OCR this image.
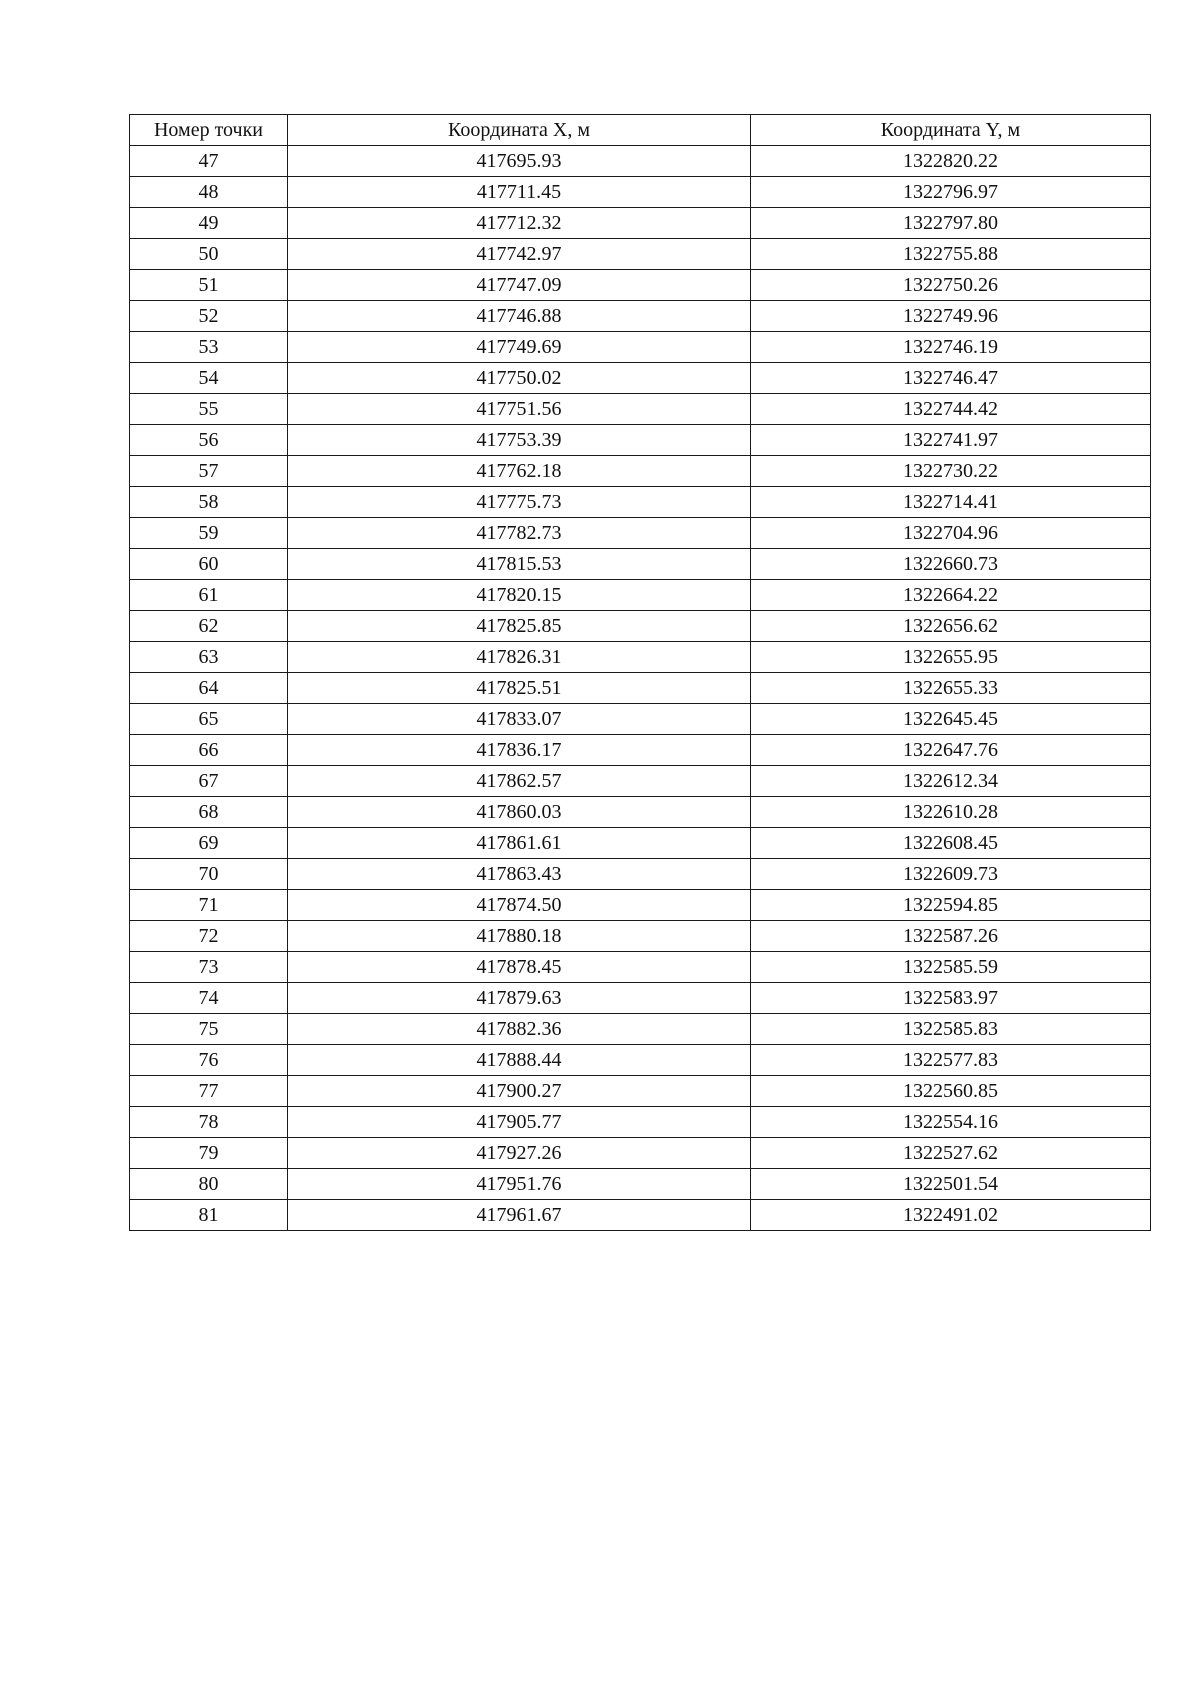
Номер точки	Координата X, м	Координата Y, м
47	417695.93	1322820.22
48	417711.45	1322796.97
49	417712.32	1322797.80
50	417742.97	1322755.88
51	417747.09	1322750.26
52	417746.88	1322749.96
53	417749.69	1322746.19
54	417750.02	1322746.47
55	417751.56	1322744.42
56	417753.39	1322741.97
57	417762.18	1322730.22
58	417775.73	1322714.41
59	417782.73	1322704.96
60	417815.53	1322660.73
61	417820.15	1322664.22
62	417825.85	1322656.62
63	417826.31	1322655.95
64	417825.51	1322655.33
65	417833.07	1322645.45
66	417836.17	1322647.76
67	417862.57	1322612.34
68	417860.03	1322610.28
69	417861.61	1322608.45
70	417863.43	1322609.73
71	417874.50	1322594.85
72	417880.18	1322587.26
73	417878.45	1322585.59
74	417879.63	1322583.97
75	417882.36	1322585.83
76	417888.44	1322577.83
77	417900.27	1322560.85
78	417905.77	1322554.16
79	417927.26	1322527.62
80	417951.76	1322501.54
81	417961.67	1322491.02
